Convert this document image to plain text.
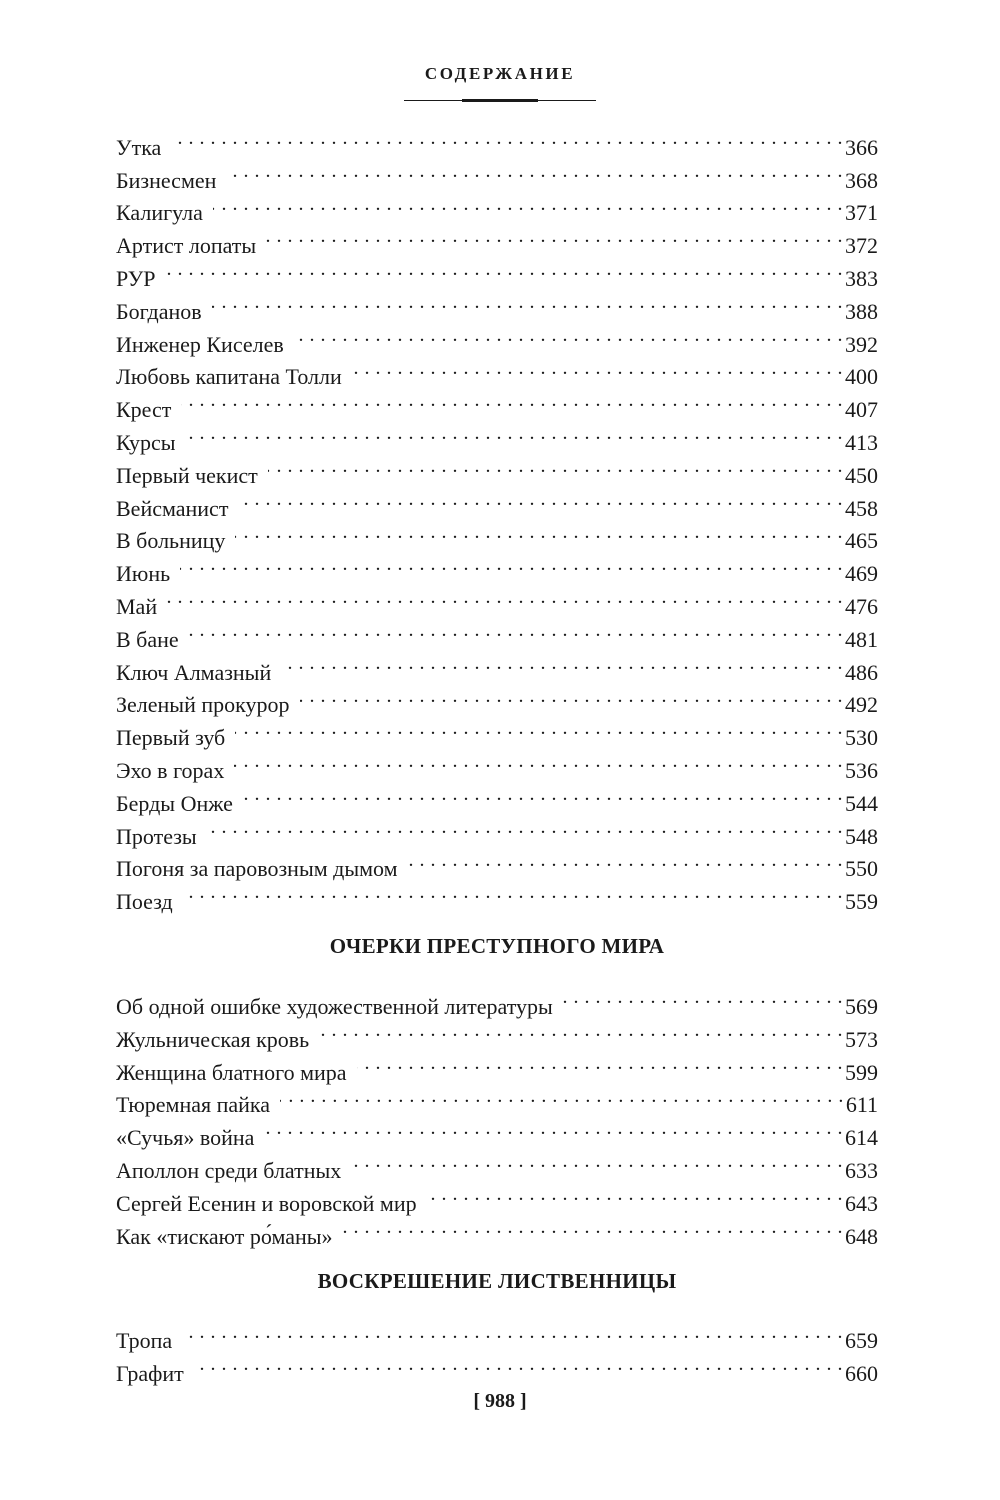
СОДЕРЖАНИЕ
Утка . . .	366
Бизнесмен . . .	368
Калигула . . .	371
Артист лопаты . . .	372
РУР . . .	383
Богданов . . .	388
Инженер Киселев . . .	392
Любовь капитана Толли . . .	400
Крест . . .	407
Курсы . . .	413
Первый чекист . . .	450
Вейсманист . . .	458
В больницу . . .	465
Июнь . . .	469
Май . . .	476
В бане . . .	481
Ключ Алмазный . . .	486
Зеленый прокурор . . .	492
Первый зуб . . .	530
Эхо в горах . . .	536
Берды Онже . . .	544
Протезы . . .	548
Погоня за паровозным дымом . . .	550
Поезд . . .	559
ОЧЕРКИ ПРЕСТУПНОГО МИРА
Об одной ошибке художественной литературы . . .	569
Жульническая кровь . . .	573
Женщина блатного мира . . .	599
Тюремная пайка . . .	611
«Сучья» война . . .	614
Аполлон среди блатных . . .	633
Сергей Есенин и воровской мир . . .	643
Как «тискают ро́маны» . . .	648
ВОСКРЕШЕНИЕ ЛИСТВЕННИЦЫ
Тропа . . .	659
Графит . . .	660
[ 988 ]
